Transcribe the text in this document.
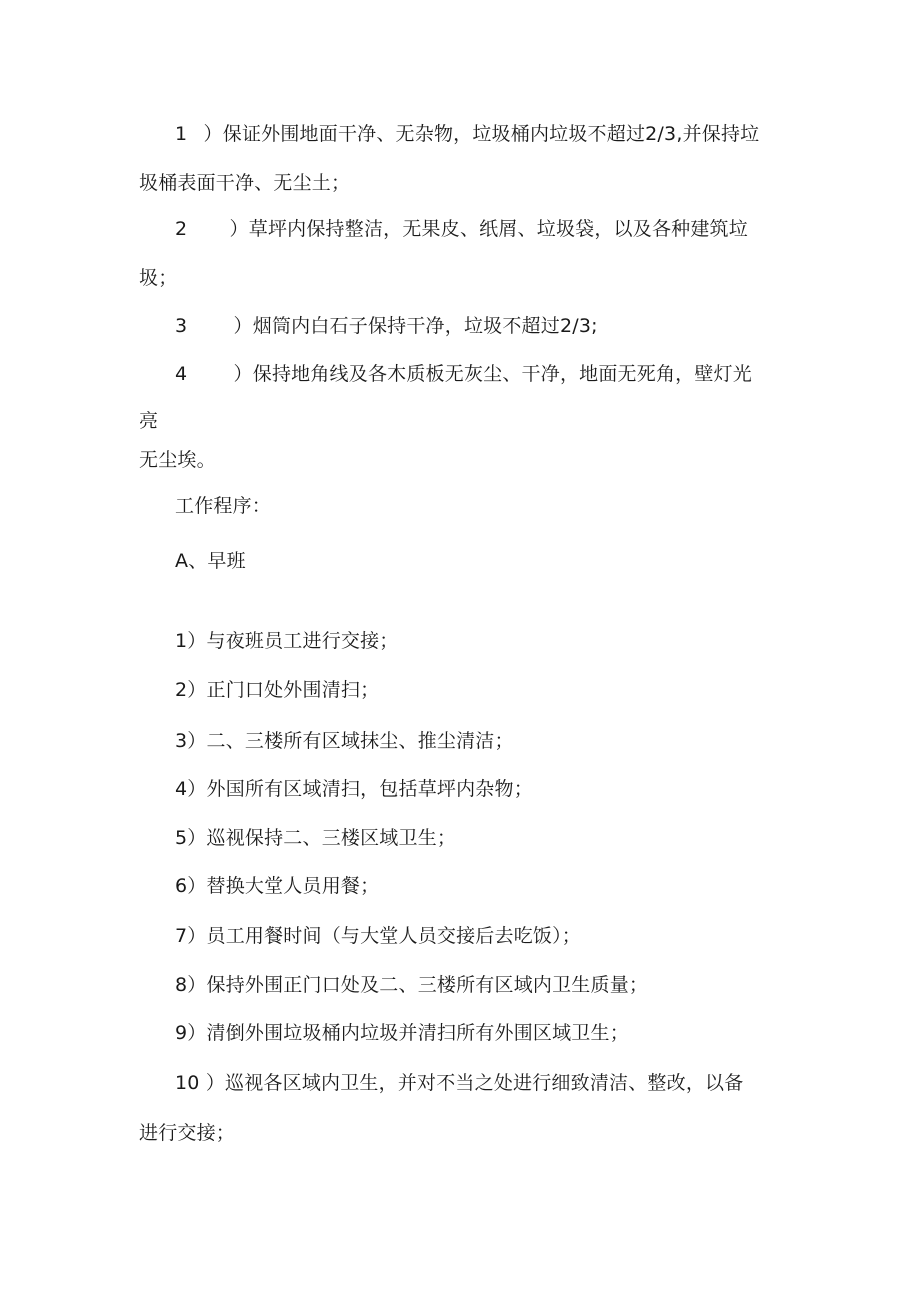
1 ）保证外围地面干净、无杂物，垃圾桶内垃圾不超过2/3,并保持垃
圾桶表面干净、无尘土；
2 ）草坪内保持整洁，无果皮、纸屑、垃圾袋，以及各种建筑垃
圾；
3 ）烟筒内白石子保持干净，垃圾不超过2/3;
4 ）保持地角线及各木质板无灰尘、干净，地面无死角，壁灯光
亮
无尘埃。
工作程序：
A、早班
1）与夜班员工进行交接；
2）正门口处外围清扫；
3）二、三楼所有区域抹尘、推尘清洁；
4）外国所有区域清扫，包括草坪内杂物；
5）巡视保持二、三楼区域卫生；
6）替换大堂人员用餐；
7）员工用餐时间（与大堂人员交接后去吃饭）；
8）保持外围正门口处及二、三楼所有区域内卫生质量；
9）清倒外围垃圾桶内垃圾并清扫所有外围区域卫生；
10 ）巡视各区域内卫生，并对不当之处进行细致清洁、整改，以备
进行交接；
